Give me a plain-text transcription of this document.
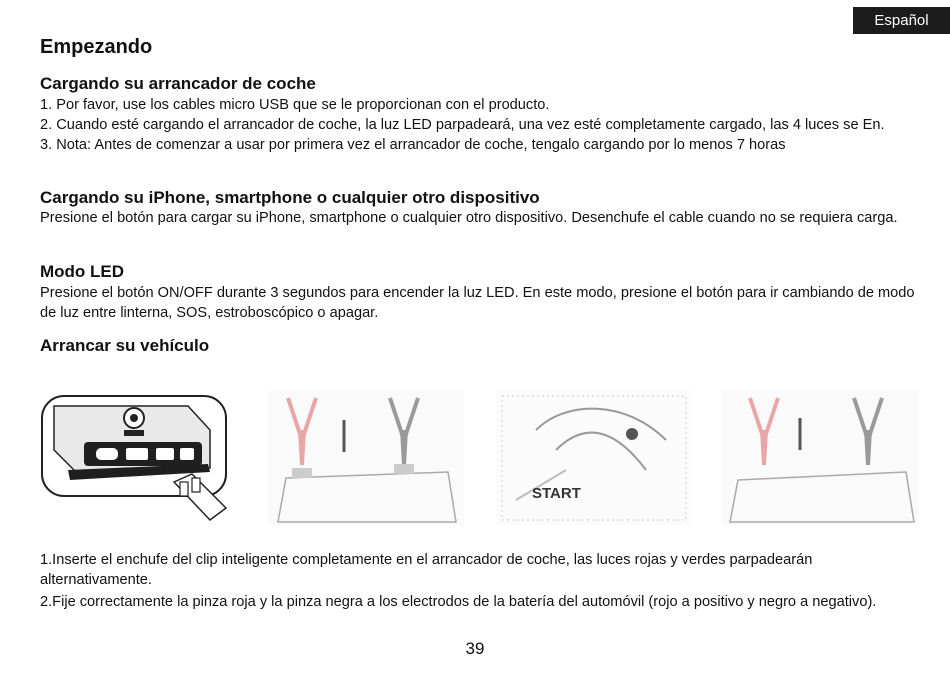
Español
Empezando
Cargando su arrancador de coche
1. Por favor, use los cables micro USB que se le proporcionan con el producto.
2. Cuando esté cargando el arrancador de coche, la luz LED parpadeará, una vez esté completamente cargado, las 4 luces se En.
3. Nota: Antes de comenzar a usar por primera vez el arrancador de coche, tengalo cargando por lo menos 7 horas
Cargando su iPhone, smartphone o cualquier otro dispositivo

Presione el botón para cargar su iPhone, smartphone o cualquier otro dispositivo. Desenchufe el cable cuando no se requiera carga.

Modo LED

Presione el botón ON/OFF durante 3 segundos para encender la luz LED. En este modo, presione el botón para ir cambiando de modo de luz entre linterna, SOS, estroboscópico o apagar.

Arrancar su vehículo
START

1.Inserte el enchufe del clip inteligente completamente en el arrancador de coche, las luces rojas y verdes parpadearán alternativamente.

2.Fije correctamente la pinza roja y la pinza negra a los electrodos de la batería del automóvil (rojo a positivo y negro a negativo).

39
